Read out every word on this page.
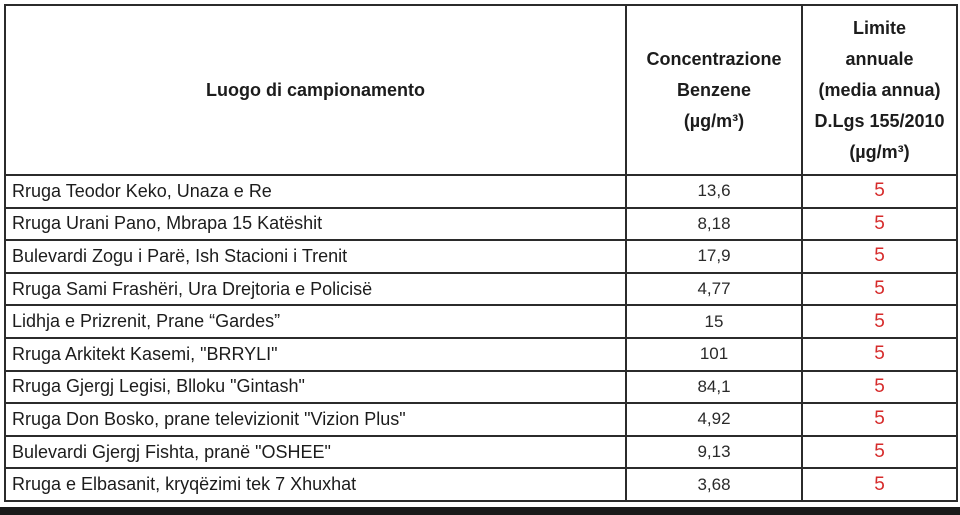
Luogo di campionamento	Concentrazione
Benzene
(µg/m³)	Limite
annuale
(media annua)
D.Lgs 155/2010
(µg/m³)

Rruga Teodor Keko, Unaza e Re	13,6	5
Rruga Urani Pano, Mbrapa 15 Katëshit	8,18	5
Bulevardi Zogu i Parë, Ish Stacioni i Trenit	17,9	5
Rruga Sami Frashëri, Ura Drejtoria e Policisë	4,77	5
Lidhja e Prizrenit, Prane “Gardes”	15	5
Rruga Arkitekt Kasemi, "BRRYLI"	101	5
Rruga Gjergj Legisi, Blloku "Gintash"	84,1	5
Rruga Don Bosko, prane televizionit "Vizion Plus"	4,92	5
Bulevardi Gjergj Fishta, pranë "OSHEE"	9,13	5
Rruga e Elbasanit, kryqëzimi tek 7 Xhuxhat	3,68	5
